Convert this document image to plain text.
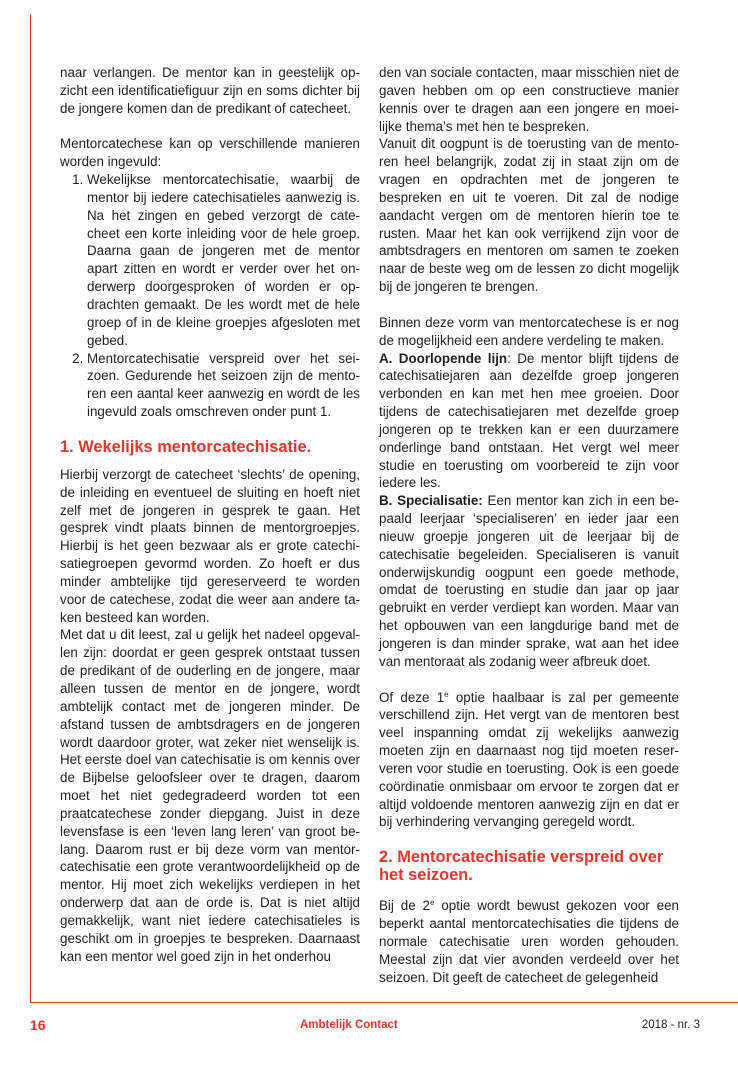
naar verlangen. De mentor kan in geestelijk opzicht een identificatiefiguur zijn en soms dichter bij de jongere komen dan de predikant of catecheet.

Mentorcatechese kan op verschillende manieren worden ingevuld:

1. Wekelijkse mentorcatechisatie, waarbij de mentor bij iedere catechisatieles aanwezig is. Na het zingen en gebed verzorgt de catecheet een korte inleiding voor de hele groep. Daarna gaan de jongeren met de mentor apart zitten en wordt er verder over het onderwerp doorgesproken of worden er opdrachten gemaakt. De les wordt met de hele groep of in de kleine groepjes afgesloten met gebed.
2. Mentorcatechisatie verspreid over het seizoen. Gedurende het seizoen zijn de mentoren een aantal keer aanwezig en wordt de les ingevuld zoals omschreven onder punt 1.
1. Wekelijks mentorcatechisatie.

Hierbij verzorgt de catecheet ‘slechts’ de opening, de inleiding en eventueel de sluiting en hoeft niet zelf met de jongeren in gesprek te gaan. Het gesprek vindt plaats binnen de mentorgroepjes. Hierbij is het geen bezwaar als er grote catechisatiegroepen gevormd worden. Zo hoeft er dus minder ambtelijke tijd gereserveerd te worden voor de catechese, zodat die weer aan andere taken besteed kan worden.

Met dat u dit leest, zal u gelijk het nadeel opgevallen zijn: doordat er geen gesprek ontstaat tussen de predikant of de ouderling en de jongere, maar alleen tussen de mentor en de jongere, wordt ambtelijk contact met de jongeren minder. De afstand tussen de ambtsdragers en de jongeren wordt daardoor groter, wat zeker niet wenselijk is. Het eerste doel van catechisatie is om kennis over de Bijbelse geloofsleer over te dragen, daarom moet het niet gedegradeerd worden tot een praatcatechese zonder diepgang. Juist in deze levensfase is een ‘leven lang leren’ van groot belang. Daarom rust er bij deze vorm van mentorcatechisatie een grote verantwoordelijkheid op de mentor. Hij moet zich wekelijks verdiepen in het onderwerp dat aan de orde is. Dat is niet altijd gemakkelijk, want niet iedere catechisatieles is geschikt om in groepjes te bespreken. Daarnaast kan een mentor wel goed zijn in het onderhou

den van sociale contacten, maar misschien niet de gaven hebben om op een constructieve manier kennis over te dragen aan een jongere en moeilijke thema’s met hen te bespreken.

Vanuit dit oogpunt is de toerusting van de mentoren heel belangrijk, zodat zij in staat zijn om de vragen en opdrachten met de jongeren te bespreken en uit te voeren. Dit zal de nodige aandacht vergen om de mentoren hierin toe te rusten. Maar het kan ook verrijkend zijn voor de ambtsdragers en mentoren om samen te zoeken naar de beste weg om de lessen zo dicht mogelijk bij de jongeren te brengen.

Binnen deze vorm van mentorcatechese is er nog de mogelijkheid een andere verdeling te maken.

A. Doorlopende lijn: De mentor blijft tijdens de catechisatiejaren aan dezelfde groep jongeren verbonden en kan met hen mee groeien. Door tijdens de catechisatiejaren met dezelfde groep jongeren op te trekken kan er een duurzamere onderlinge band ontstaan. Het vergt wel meer studie en toerusting om voorbereid te zijn voor iedere les.

B. Specialisatie: Een mentor kan zich in een bepaald leerjaar ‘specialiseren’ en ieder jaar een nieuw groepje jongeren uit de leerjaar bij de catechisatie begeleiden. Specialiseren is vanuit onderwijskundig oogpunt een goede methode, omdat de toerusting en studie dan jaar op jaar gebruikt en verder verdiept kan worden. Maar van het opbouwen van een langdurige band met de jongeren is dan minder sprake, wat aan het idee van mentoraat als zodanig weer afbreuk doet.

Of deze 1e optie haalbaar is zal per gemeente verschillend zijn. Het vergt van de mentoren best veel inspanning omdat zij wekelijks aanwezig moeten zijn en daarnaast nog tijd moeten reserveren voor studie en toerusting. Ook is een goede coördinatie onmisbaar om ervoor te zorgen dat er altijd voldoende mentoren aanwezig zijn en dat er bij verhindering vervanging geregeld wordt.

2. Mentorcatechisatie verspreid over het seizoen.

Bij de 2e optie wordt bewust gekozen voor een beperkt aantal mentorcatechisaties die tijdens de normale catechisatie uren worden gehouden. Meestal zijn dat vier avonden verdeeld over het seizoen. Dit geeft de catecheet de gelegenheid

16	Ambtelijk Contact	2018 - nr. 3
